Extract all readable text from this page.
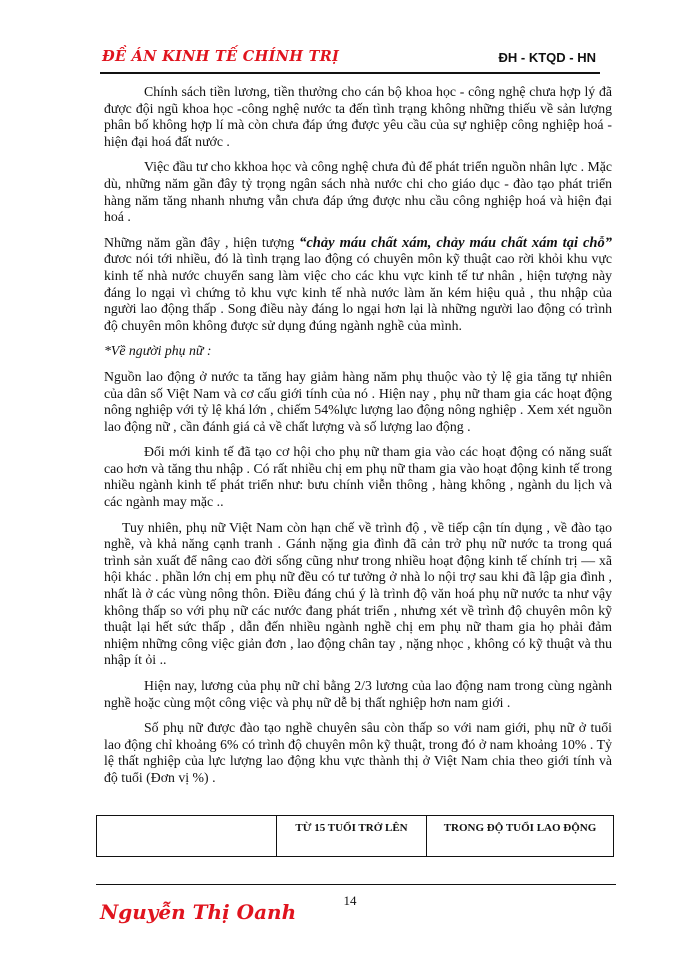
ĐỀ ÁN KINH TẾ CHÍNH TRỊ	ĐH - KTQD - HN

Chính sách tiền lương, tiền thưởng cho cán bộ khoa học - công nghệ chưa hợp lý đã được đội ngũ khoa học -công nghệ nước ta đến tình trạng không những thiếu về sản lượng phân bố không hợp lí mà còn chưa đáp ứng được yêu cầu của sự nghiệp công nghiệp hoá - hiện đại hoá đất nước .

Việc đầu tư cho kkhoa học và công nghệ chưa đủ để phát triển nguồn nhân lực . Mặc dù, những năm gần đây tỷ trọng ngân sách nhà nước chi cho giáo dục - đào tạo phát triển hàng năm tăng nhanh nhưng vẫn chưa đáp ứng được nhu cầu công nghiệp hoá và hiện đại hoá .

Những năm gần đây , hiện tượng “chảy máu chất xám, chảy máu chất xám tại chỗ” đươc nói tới nhiều, đó là tình trạng lao động có chuyên môn kỹ thuật cao rời khỏi khu vực kinh tế nhà nước chuyển sang làm việc cho các khu vực kinh tế tư nhân , hiện tượng này đáng lo ngại vì chứng tỏ khu vực kinh tế nhà nước làm ăn kém hiệu quả , thu nhập của người lao động thấp . Song điều này đáng lo ngại hơn lại là những người lao động có trình độ chuyên môn không được sử dụng đúng ngành nghề của mình.

*Về người phụ nữ :

Nguồn lao động ở nước ta tăng hay giảm hàng năm phụ thuộc vào tỷ lệ gia tăng tự nhiên của dân số Việt Nam và cơ cấu giới tính của nó . Hiện nay , phụ nữ tham gia các hoạt động nông nghiệp với tỷ lệ khá lớn , chiếm 54%lực lượng lao động nông nghiệp . Xem xét nguồn lao động nữ , cần đánh giá cả về chất lượng và số lượng lao động .

Đổi mới kinh tế đã tạo cơ hội cho phụ nữ tham gia vào các hoạt động có năng suất cao hơn và tăng thu nhập . Có rất nhiều chị em phụ nữ tham gia vào hoạt động kinh tế trong nhiều ngành kinh tế phát triển như: bưu chính viễn thông , hàng không , ngành du lịch và các ngành may mặc ..

Tuy nhiên, phụ nữ Việt Nam còn hạn chế về trình độ , về tiếp cận tín dụng , về đào tạo nghề, và khả năng cạnh tranh . Gánh nặng gia đình đã cản trở phụ nữ nước ta trong quá trình sản xuất để nâng cao đời sống cũng như trong nhiều hoạt động kinh tế chính trị — xã hội khác . phần lớn chị em phụ nữ đều có tư tưởng ở nhà lo nội trợ sau khi đã lập gia đình , nhất là ở các vùng nông thôn. Điều đáng chú ý là trình độ văn hoá phụ nữ nước ta như vậy không thấp so với phụ nữ các nước đang phát triển , nhưng xét về trình độ chuyên môn kỹ thuật lại hết sức thấp , dẫn đến nhiều ngành nghề chị em phụ nữ tham gia họ phải đảm nhiệm những công việc giản đơn , lao động chân tay , nặng nhọc , không có kỹ thuật và thu nhập ít ỏi ..

Hiện nay, lương của phụ nữ chỉ bằng 2/3 lương của lao động nam trong cùng ngành nghề hoặc cùng một công việc và phụ nữ dễ bị thất nghiệp hơn nam giới .

Số phụ nữ được đào tạo nghề chuyên sâu còn thấp so với nam giới, phụ nữ ở tuổi lao động chỉ khoảng 6% có trình độ chuyên môn kỹ thuật, trong đó ở nam khoảng 10% . Tỷ lệ thất nghiệp của lực lượng lao động khu vực thành thị ở Việt Nam chia theo giới tính và độ tuổi (Đơn vị %) .

TỪ 15 TUỔI TRỞ LÊN	TRONG ĐỘ TUỔI LAO ĐỘNG
14
Nguyễn Thị Oanh
